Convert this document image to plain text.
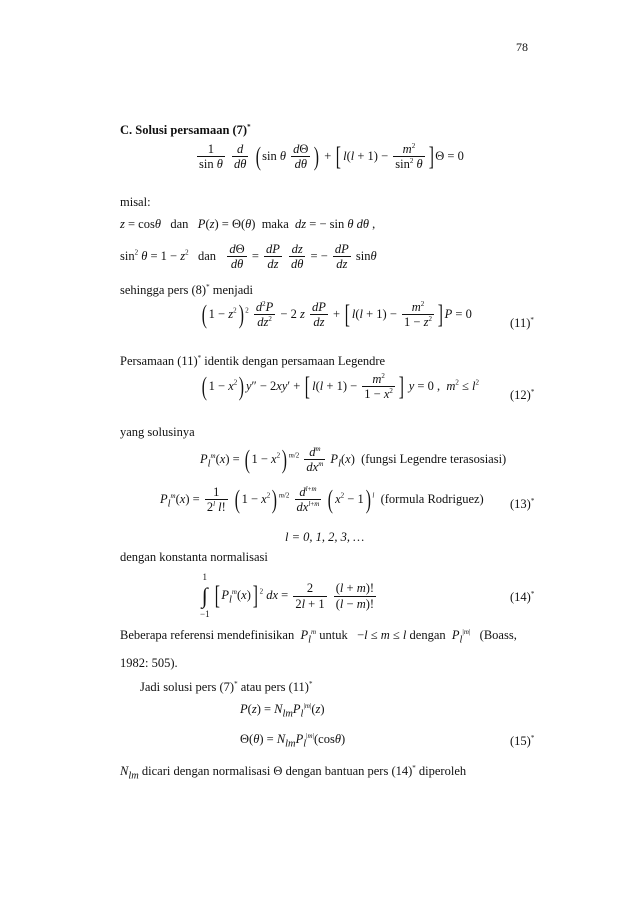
78
C. Solusi persamaan (7)*
$\frac{1}{\text{sin θ}}$
$\frac{d}{d\theta}$ ( sin θ $\frac{d\Theta}{d\theta}$ ) + [ $l(l + 1) - \frac{m^2}{\sin^2 \theta}$ ] Θ = 0
misal:
z = cosθ dan P(z) = Θ(θ)  maka dz = − sin θ dθ ,
$\sin^2 \theta = 1 - z^2$ dan $\frac{d\Theta}{d\theta} = \frac{dP}{dz}$
$\frac{dz}{d\theta}$ = − $\frac{dP}{dz}$ sinθ
sehingga pers (8)* menjadi
( $1 - z^2$) $^2 \frac{d^2P}{dz^2} - 2$ z $\frac{dP}{dz}$ + [ $l(l + 1) - \frac{m^2}{1 - z^2}$ ] P = 0
(11)*
Persamaan (11)* identik dengan persamaan Legendre
( $1 - x^2$) y″ − 2xy′ + [ $l(l + 1) - \frac{m^2}{1 - x^2}$ ] y = 0 ,  $m^2 \le l^2$
(12)*
yang solusinya
$P_l^m(x)$ = ( $1 - x^2$) $^{m/2} \frac{d^m}{dx^m} P_l(x)$  (fungsi Legendre terasosiasi)
$P_l^m(x) = \frac{1}{2^l l!}$ ( $1 - x^2$) $^{m/2} \frac{d^{l+m}}{dx^{l+m}}$ ( $x^2 - 1$) $^l$ (formula Rodriguez) (13)*
l = 0, 1, 2, 3, …
dengan konstanta normalisasi
1
∫
−1 [ $P_l^m(x)$] $^2$ dx = $\frac{2}{2l + 1}$
$\frac{(l + m)!}{(l - m)!}$	(14)*
Beberapa referensi mendefinisikan $P_l^m$ untuk   −l ≤ m ≤ l dengan $P_l^{|m|}$ (Boass,
1982: 505).
Jadi solusi pers (7)* atau pers (11)*
$P(z) = N_{lm}P_l^{|m|}(z)$
$\Theta(\theta) = N_{lm}P_l^{|m|}(\cos\theta)$	(15)*
$N_{lm}$ dicari dengan normalisasi Θ dengan bantuan pers (14)* diperoleh
